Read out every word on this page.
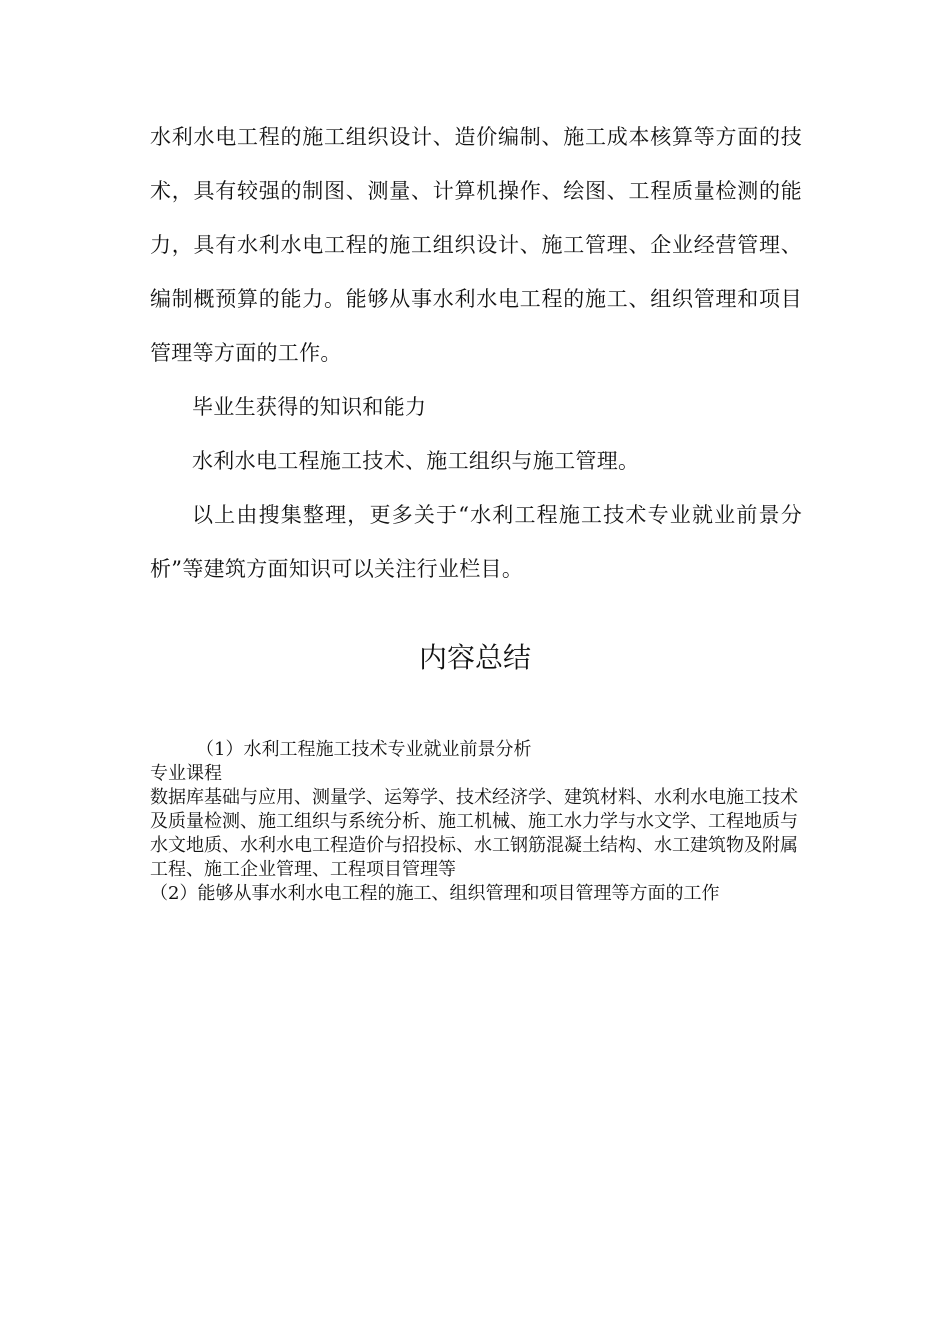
水利水电工程的施工组织设计、造价编制、施工成本核算等方面的技术，具有较强的制图、测量、计算机操作、绘图、工程质量检测的能力，具有水利水电工程的施工组织设计、施工管理、企业经营管理、编制概预算的能力。能够从事水利水电工程的施工、组织管理和项目管理等方面的工作。

毕业生获得的知识和能力

水利水电工程施工技术、施工组织与施工管理。

以上由搜集整理，更多关于“水利工程施工技术专业就业前景分析”等建筑方面知识可以关注行业栏目。

内容总结

（1）水利工程施工技术专业就业前景分析

专业课程

数据库基础与应用、测量学、运筹学、技术经济学、建筑材料、水利水电施工技术及质量检测、施工组织与系统分析、施工机械、施工水力学与水文学、工程地质与水文地质、水利水电工程造价与招投标、水工钢筋混凝土结构、水工建筑物及附属工程、施工企业管理、工程项目管理等

（2）能够从事水利水电工程的施工、组织管理和项目管理等方面的工作
